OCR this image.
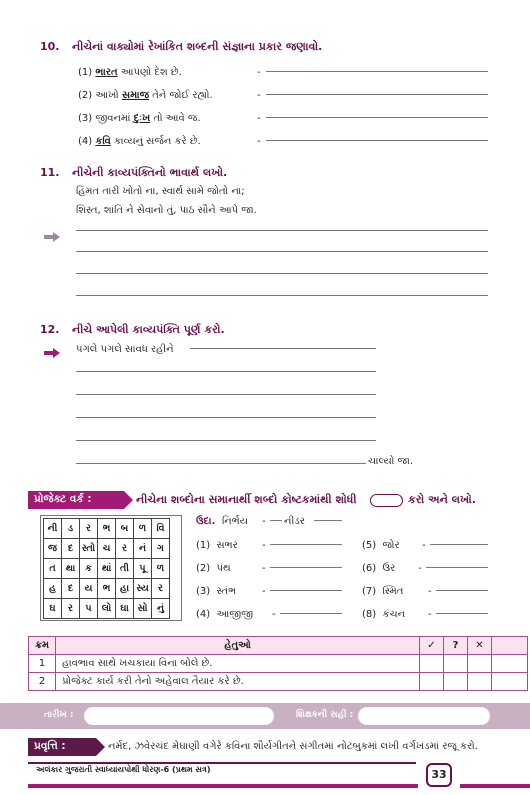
10. નીચેનાં વાક્યોમાં રેખાંકિત શબ્દની સંજ્ઞાના પ્રકાર જણાવો.
(1) ભારત આપણો દેશ છે.
(2) આખો સમાજ તેને જોઈ રહ્યો.
(3) જીવનમાં દુઃખ તો આવે જ.
(4) કવિ કાવ્યનું સર્જન કરે છે.
-
-
-
-
11. નીચેની કાવ્યપંક્તિનો ભાવાર્થ લખો.
હિંમત તારી ખોતો ના, સ્વાર્થ સામે જોતો ના;
શિસ્ત, શાંતિ ને સેવાનો તું, પાઠ સૌને આપે જા.
12. નીચે આપેલી કાવ્યપંક્તિ પૂર્ણ કરો.
પગલે પગલે સાવધ રહીને
ચાલ્યો જા.
પ્રોજેક્ટ વર્ક :	નીચેના શબ્દોના સમાનાર્થી શબ્દો કોષ્ટકમાંથી શોધી	કરો અને લખો.
ની	ડ	ર	ભ	બ	ળ	વિ
જ	દ	સ્તો	ચ	ર	નં	ગ
ત	થા	ક	થાં	તી	પૂ	ળ
હ	દ	ય	ભ	હા	સ્ય	ર
ઘ	ર	પ	લો	ઘા	સો	નું
ઉદા. નિર્ભય - નીડર
(1) સભર
(2) પંથ
(3) સ્તંભ
(4) આજીજી
-
-
-
-
(5) જોર
(6) ઉર
(7) સ્મિત
(8) કંચન
-
-
-
-
ક્રમ	હેતુઓ	✓	?	✕	
1	હાવભાવ સાથે ખચકાયા વિના બોલે છે.				
2	પ્રોજેક્ટ કાર્ય કરી તેનો અહેવાલ તૈયાર કરે છે.				
તારીખ :	શિક્ષકની સહી :
પ્રવૃત્તિ :	નર્મદ, ઝવેરચંદ મેઘાણી વગેરે કવિના શૌર્યગીતને સંગીતમાં નોટબુકમાં લખી વર્ગખંડમાં રજૂ કરો.
અલંકાર ગુજરાતી સ્વાધ્યાયપોથી ધોરણ-6 (પ્રથમ સત્ર)	33
